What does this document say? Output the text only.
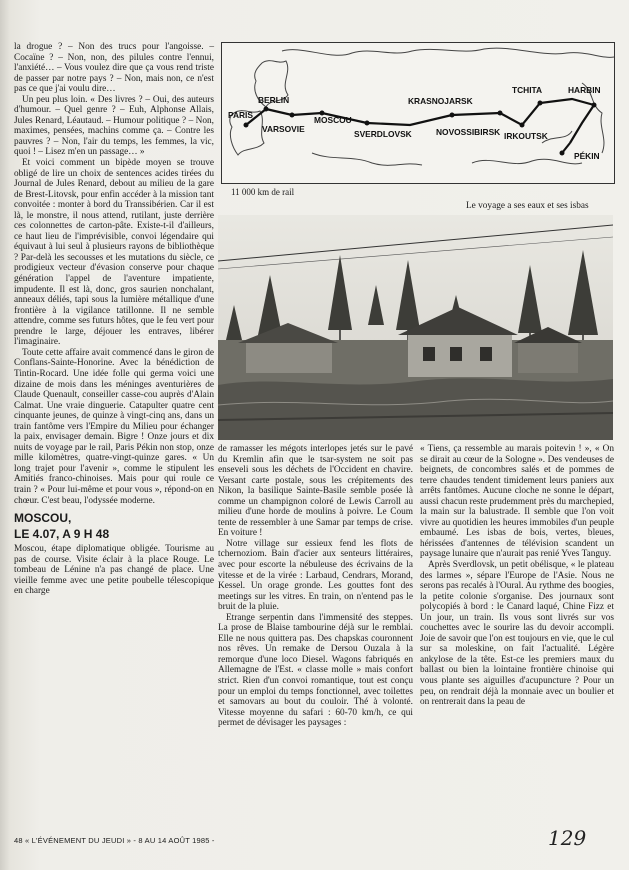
la drogue ? – Non des trucs pour l'angoisse. – Cocaïne ? – Non, non, des pilules contre l'ennui, l'anxiété… – Vous voulez dire que ça vous rend triste de passer par notre pays ? – Non, mais non, ce n'est pas ce que j'ai voulu dire…

Un peu plus loin. « Des livres ? – Oui, des auteurs d'humour. – Quel genre ? – Euh, Alphonse Allais, Jules Renard, Léautaud. – Humour politique ? – Non, maximes, pensées, machins comme ça. – Contre les pauvres ? – Non, l'air du temps, les femmes, la vic, quoi ! – Lisez m'en un passage… »

Et voici comment un bipède moyen se trouve obligé de lire un choix de sentences acides tirées du Journal de Jules Renard, debout au milieu de la gare de Brest-Litovsk, pour enfin accéder à la mission tant convoitée : monter à bord du Transsibérien. Car il est là, le monstre, il nous attend, rutilant, juste derrière ces colonnettes de carton-pâte. Existe-t-il d'ailleurs, ce haut lieu de l'imprévisible, convoi légendaire qui équivaut à lui seul à plusieurs rayons de bibliothèque ? Par-delà les secousses et les mutations du siècle, ce prodigieux vecteur d'évasion conserve pour chaque génération l'appel de l'aventure impatiente, impudente. Il est là, donc, gros saurien nonchalant, anneaux déliés, tapi sous la lumière métallique d'une frontière à la vigilance tatillonne. Il ne semble attendre, comme ses futurs hôtes, que le feu vert pour prendre le large, déjouer les entraves, libérer l'imaginaire.

Toute cette affaire avait commencé dans le giron de Conflans-Sainte-Honorine. Avec la bénédiction de Tintin-Rocard. Une idée folle qui germa voici une dizaine de mois dans les méninges aventurières de Claude Quenault, conseiller casse-cou auprès d'Alain Calmat. Une vraie dinguerie. Catapulter quatre cent cinquante jeunes, de quinze à vingt-cinq ans, dans un train fantôme vers l'Empire du Milieu pour échanger la paix, envisager demain. Bigre ! Onze jours et dix nuits de voyage par le rail, Paris Pékin non stop, onze mille kilomètres, quatre-vingt-quinze gares. « Un long trajet pour l'avenir », comme le stipulent les Amitiés franco-chinoises. Mais pour qui roule ce train ? « Pour lui-même et pour vous », répond-on en chœur. C'est beau, l'odyssée moderne.

MOSCOU,

LE 4.07, A 9 H 48

Moscou, étape diplomatique obligée. Tourisme au pas de course. Visite éclair à la place Rouge. Le tombeau de Lénine n'a pas changé de place. Une vieille femme avec une petite poubelle télescopique en charge

PARIS
BERLIN
VARSOVIE
MOSCOU
SVERDLOVSK
KRASNOJARSK
NOVOSSIBIRSK
TCHITA	HARBIN
IRKOUTSK
PÉKIN
11 000 km de rail
Le voyage a ses eaux et ses isbas

de ramasser les mégots interlopes jetés sur le pavé du Kremlin afin que le tsar-system ne soit pas enseveli sous les déchets de l'Occident en chavire. Versant carte postale, sous les crépitements des Nikon, la basilique Sainte-Basile semble posée là comme un champignon coloré de Lewis Carroll au milieu d'une horde de moulins à poivre. Le Coum tente de ressembler à une Samar par temps de crise. En voiture !

Notre village sur essieux fend les flots de tchernoziom. Bain d'acier aux senteurs littéraires, avec pour escorte la nébuleuse des écrivains de la vitesse et de la virée : Larbaud, Cendrars, Morand, Kessel. Un orage gronde. Les gouttes font des meetings sur les vitres. En train, on n'entend pas le bruit de la pluie.

Etrange serpentin dans l'immensité des steppes. La prose de Blaise tambourine déjà sur le remblai. Elle ne nous quittera pas. Des chapskas couronnent nos rêves. Un remake de Dersou Ouzala à la remorque d'une loco Diesel. Wagons fabriqués en Allemagne de l'Est. « classe molle » mais confort strict. Rien d'un convoi romantique, tout est conçu pour un emploi du temps fonctionnel, avec toilettes et samovars au bout du couloir. Thé à volonté. Vitesse moyenne du safari : 60-70 km/h, ce qui permet de dévisager les paysages :

« Tiens, ça ressemble au marais poitevin ! », « On se dirait au cœur de la Sologne ». Des vendeuses de beignets, de concombres salés et de pommes de terre chaudes tendent timidement leurs paniers aux arrêts fantômes. Aucune cloche ne sonne le départ, aussi chacun reste prudemment près du marchepied, la main sur la balustrade. Il semble que l'on voit vivre au quotidien les heures immobiles d'un peuple embaumé. Les isbas de bois, vertes, bleues, hérissées d'antennes de télévision scandent un paysage lunaire que n'aurait pas renié Yves Tanguy.

Après Sverdlovsk, un petit obélisque, « le plateau des larmes », sépare l'Europe de l'Asie. Nous ne serons pas recalés à l'Oural. Au rythme des boogies, la petite colonie s'organise. Des journaux sont polycopiés à bord : le Canard laqué, Chine Fizz et Un jour, un train. Ils vous sont livrés sur vos couchettes avec le sourire las du devoir accompli. Joie de savoir que l'on est toujours en vie, que le cul sur sa moleskine, on fait l'actualité. Légère ankylose de la tête. Est-ce les premiers maux du ballast ou bien la lointaine frontière chinoise qui vous plante ses aiguilles d'acupuncture ? Pour un peu, on rendrait déjà la monnaie avec un boulier et on rentrerait dans la peau de

48 « L'ÉVÉNEMENT DU JEUDI » - 8 AU 14 AOÛT 1985 -	129
